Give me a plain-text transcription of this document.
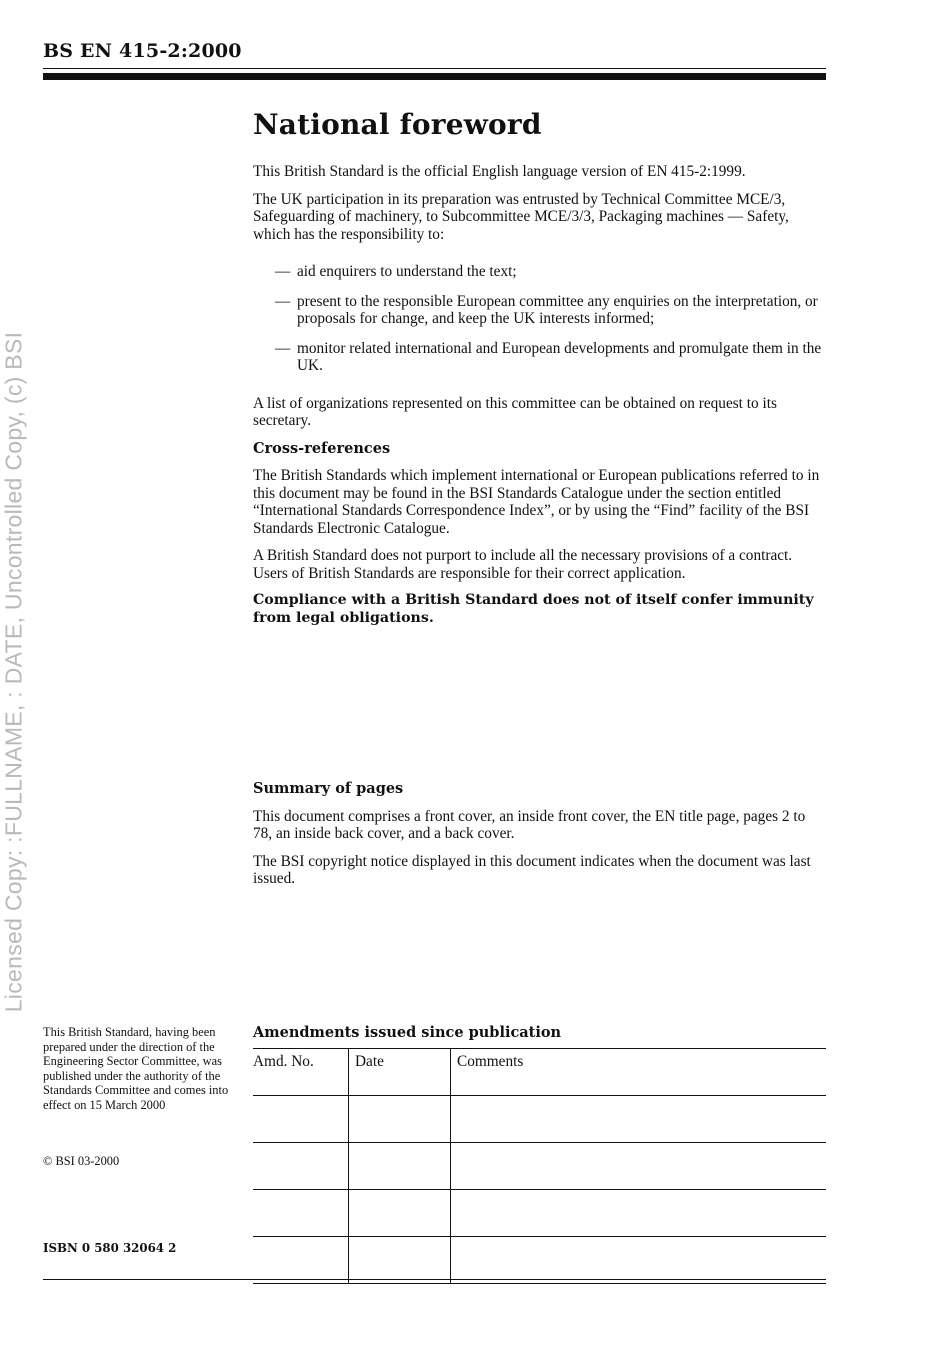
BS EN 415-2:2000
Licensed Copy: :FULLNAME, : DATE, Uncontrolled Copy, (c) BSI
National foreword

This British Standard is the official English language version of EN 415-2:1999.

The UK participation in its preparation was entrusted by Technical Committee MCE/3, Safeguarding of machinery, to Subcommittee MCE/3/3, Packaging machines — Safety, which has the responsibility to:

— aid enquirers to understand the text;
— present to the responsible European committee any enquiries on the interpretation, or proposals for change, and keep the UK interests informed;
— monitor related international and European developments and promulgate them in the UK.

A list of organizations represented on this committee can be obtained on request to its secretary.

Cross-references

The British Standards which implement international or European publications referred to in this document may be found in the BSI Standards Catalogue under the section entitled “International Standards Correspondence Index”, or by using the “Find” facility of the BSI Standards Electronic Catalogue.

A British Standard does not purport to include all the necessary provisions of a contract. Users of British Standards are responsible for their correct application.

Compliance with a British Standard does not of itself confer immunity from legal obligations.

Summary of pages

This document comprises a front cover, an inside front cover, the EN title page, pages 2 to 78, an inside back cover, and a back cover.

The BSI copyright notice displayed in this document indicates when the document was last issued.

This British Standard, having been prepared under the direction of the Engineering Sector Committee, was published under the authority of the Standards Committee and comes into effect on 15 March 2000
© BSI 03-2000
ISBN 0 580 32064 2
Amendments issued since publication
Amd. No.	Date	Comments
